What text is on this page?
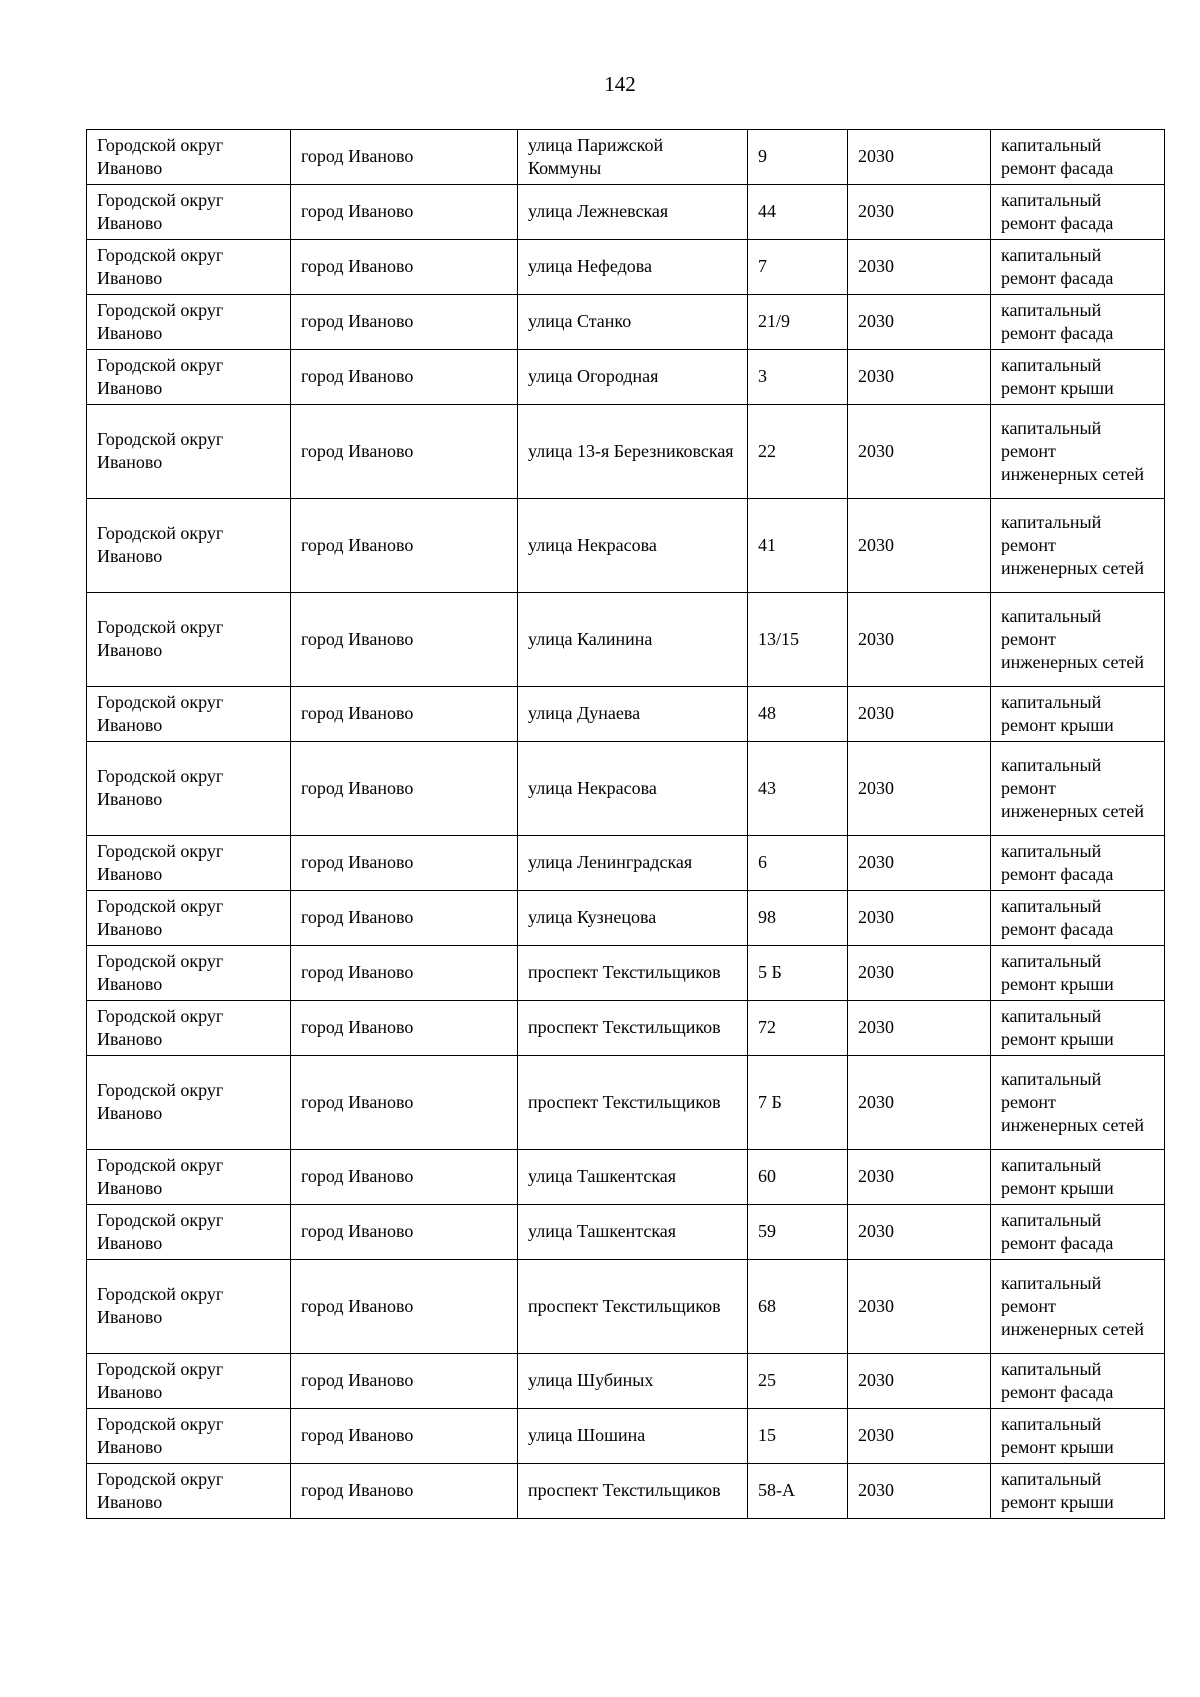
142
Городской округ Иваново	город Иваново	улица Парижской Коммуны	9	2030	капитальный ремонт фасада
Городской округ Иваново	город Иваново	улица Лежневская	44	2030	капитальный ремонт фасада
Городской округ Иваново	город Иваново	улица Нефедова	7	2030	капитальный ремонт фасада
Городской округ Иваново	город Иваново	улица Станко	21/9	2030	капитальный ремонт фасада
Городской округ Иваново	город Иваново	улица Огородная	3	2030	капитальный ремонт крыши
Городской округ Иваново	город Иваново	улица 13-я Березниковская	22	2030	капитальный ремонт инженерных сетей
Городской округ Иваново	город Иваново	улица Некрасова	41	2030	капитальный ремонт инженерных сетей
Городской округ Иваново	город Иваново	улица Калинина	13/15	2030	капитальный ремонт инженерных сетей
Городской округ Иваново	город Иваново	улица Дунаева	48	2030	капитальный ремонт крыши
Городской округ Иваново	город Иваново	улица Некрасова	43	2030	капитальный ремонт инженерных сетей
Городской округ Иваново	город Иваново	улица Ленинградская	6	2030	капитальный ремонт фасада
Городской округ Иваново	город Иваново	улица Кузнецова	98	2030	капитальный ремонт фасада
Городской округ Иваново	город Иваново	проспект Текстильщиков	5 Б	2030	капитальный ремонт крыши
Городской округ Иваново	город Иваново	проспект Текстильщиков	72	2030	капитальный ремонт крыши
Городской округ Иваново	город Иваново	проспект Текстильщиков	7 Б	2030	капитальный ремонт инженерных сетей
Городской округ Иваново	город Иваново	улица Ташкентская	60	2030	капитальный ремонт крыши
Городской округ Иваново	город Иваново	улица Ташкентская	59	2030	капитальный ремонт фасада
Городской округ Иваново	город Иваново	проспект Текстильщиков	68	2030	капитальный ремонт инженерных сетей
Городской округ Иваново	город Иваново	улица Шубиных	25	2030	капитальный ремонт фасада
Городской округ Иваново	город Иваново	улица Шошина	15	2030	капитальный ремонт крыши
Городской округ Иваново	город Иваново	проспект Текстильщиков	58-А	2030	капитальный ремонт крыши
